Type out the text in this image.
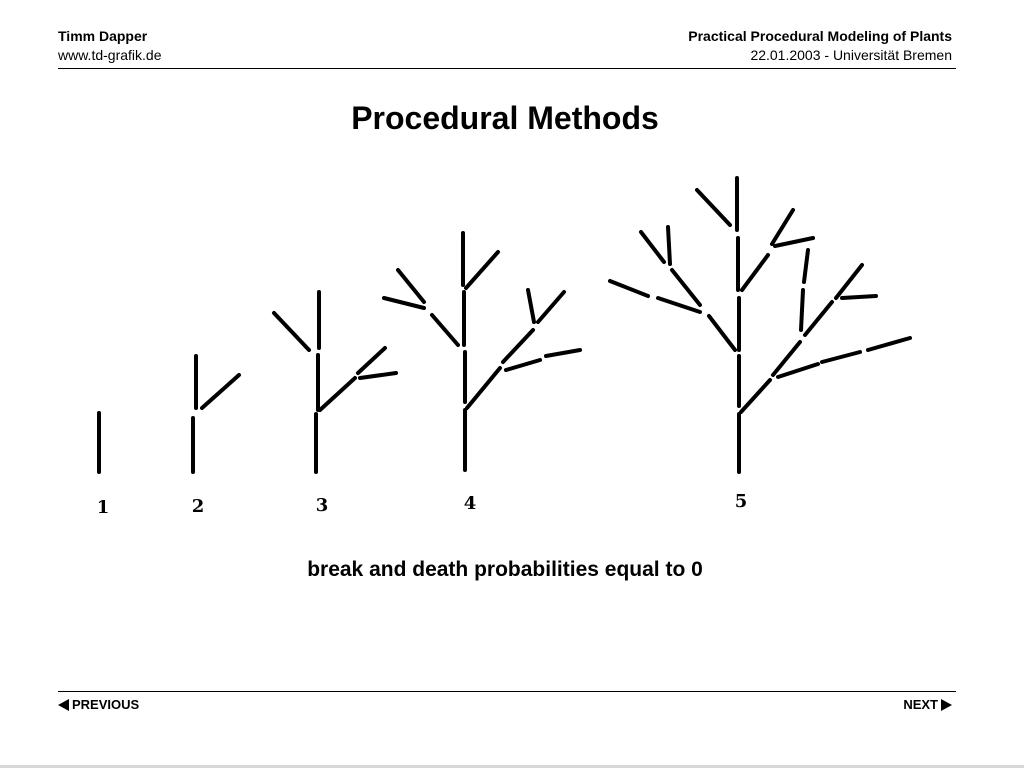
Timm Dapper
www.td-grafik.de
Practical Procedural Modeling of Plants
22.01.2003 - Universität Bremen
Procedural Methods
1	2	3	4	5
break and death probabilities equal to 0
PREVIOUS	NEXT
